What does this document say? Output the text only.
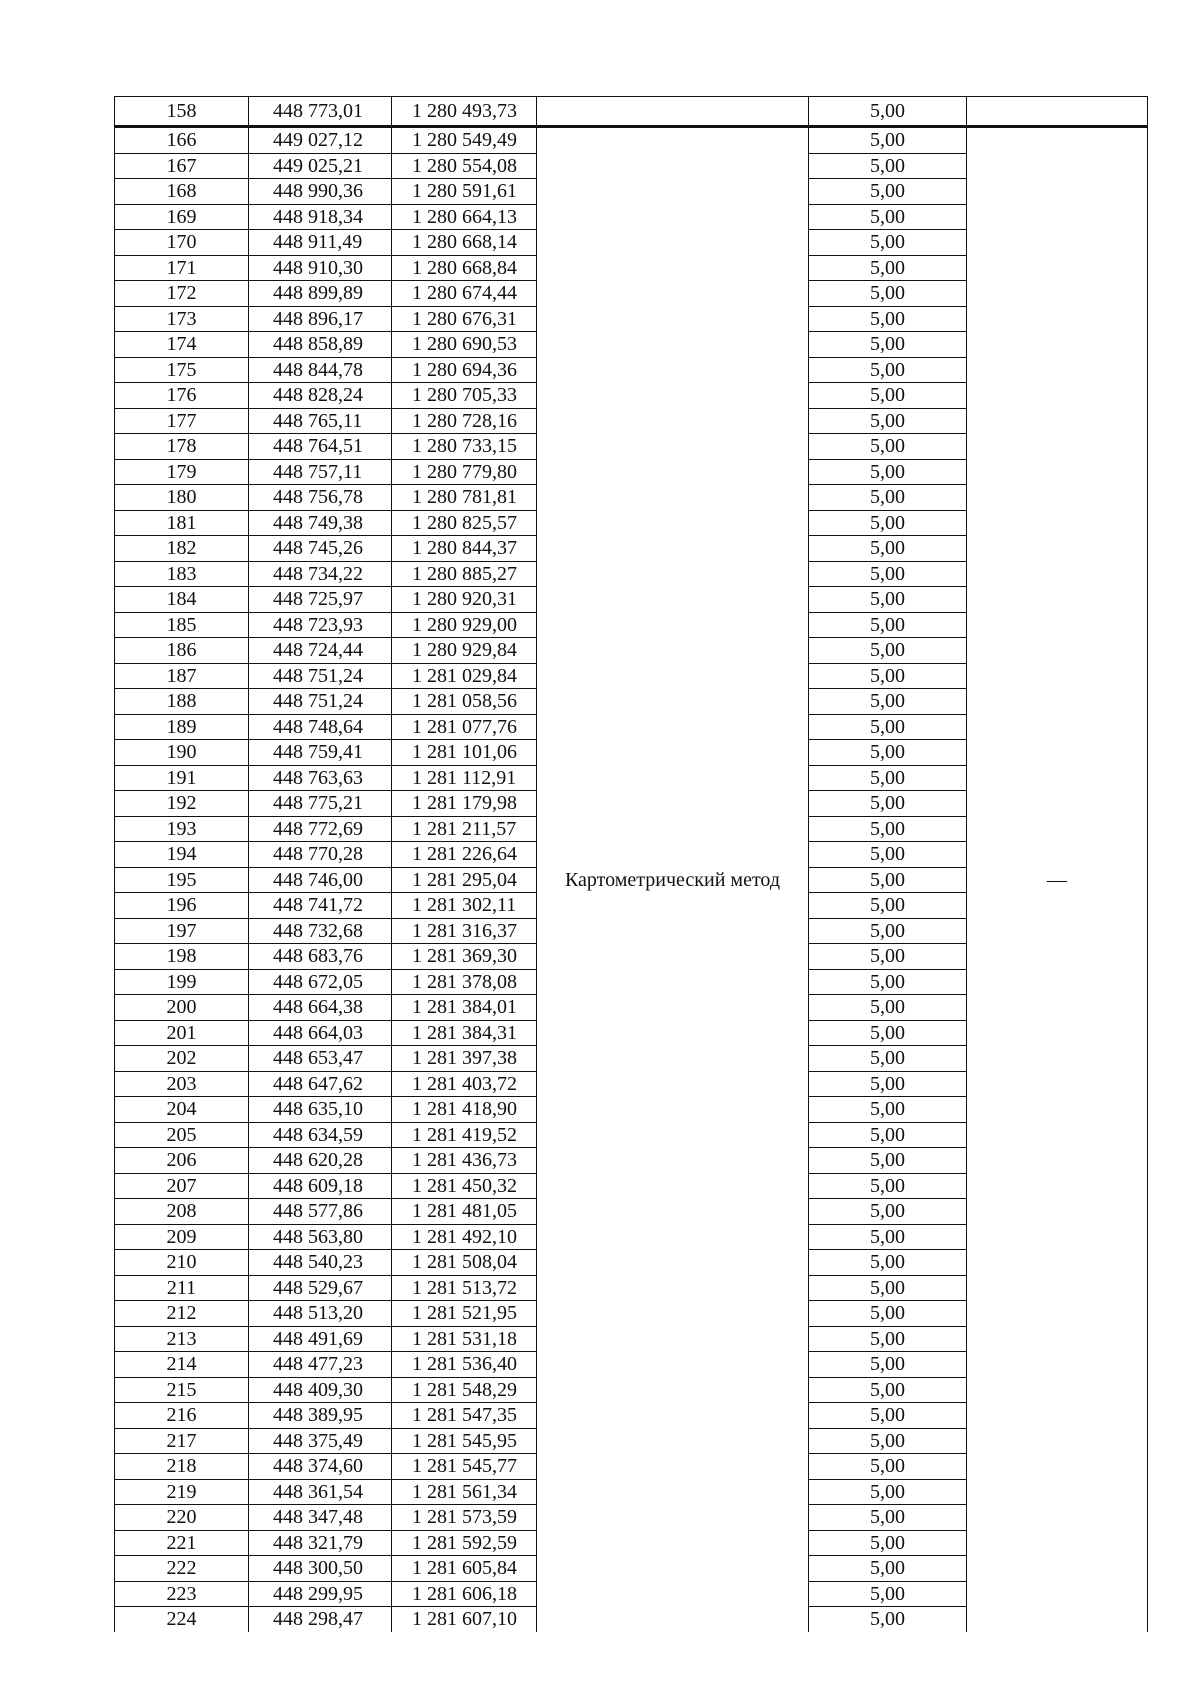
158	448 773,01	1 280 493,73		5,00	
166	449 027,12	1 280 549,49	Картометрический метод	5,00	—
167	449 025,21	1 280 554,08		5,00	
168	448 990,36	1 280 591,61		5,00	
169	448 918,34	1 280 664,13		5,00	
170	448 911,49	1 280 668,14		5,00	
171	448 910,30	1 280 668,84		5,00	
172	448 899,89	1 280 674,44		5,00	
173	448 896,17	1 280 676,31		5,00	
174	448 858,89	1 280 690,53		5,00	
175	448 844,78	1 280 694,36		5,00	
176	448 828,24	1 280 705,33		5,00	
177	448 765,11	1 280 728,16		5,00	
178	448 764,51	1 280 733,15		5,00	
179	448 757,11	1 280 779,80		5,00	
180	448 756,78	1 280 781,81		5,00	
181	448 749,38	1 280 825,57		5,00	
182	448 745,26	1 280 844,37		5,00	
183	448 734,22	1 280 885,27		5,00	
184	448 725,97	1 280 920,31		5,00	
185	448 723,93	1 280 929,00		5,00	
186	448 724,44	1 280 929,84		5,00	
187	448 751,24	1 281 029,84		5,00	
188	448 751,24	1 281 058,56		5,00	
189	448 748,64	1 281 077,76		5,00	
190	448 759,41	1 281 101,06		5,00	
191	448 763,63	1 281 112,91		5,00	
192	448 775,21	1 281 179,98		5,00	
193	448 772,69	1 281 211,57		5,00	
194	448 770,28	1 281 226,64		5,00	
195	448 746,00	1 281 295,04		5,00	
196	448 741,72	1 281 302,11		5,00	
197	448 732,68	1 281 316,37		5,00	
198	448 683,76	1 281 369,30		5,00	
199	448 672,05	1 281 378,08		5,00	
200	448 664,38	1 281 384,01		5,00	
201	448 664,03	1 281 384,31		5,00	
202	448 653,47	1 281 397,38		5,00	
203	448 647,62	1 281 403,72		5,00	
204	448 635,10	1 281 418,90		5,00	
205	448 634,59	1 281 419,52		5,00	
206	448 620,28	1 281 436,73		5,00	
207	448 609,18	1 281 450,32		5,00	
208	448 577,86	1 281 481,05		5,00	
209	448 563,80	1 281 492,10		5,00	
210	448 540,23	1 281 508,04		5,00	
211	448 529,67	1 281 513,72		5,00	
212	448 513,20	1 281 521,95		5,00	
213	448 491,69	1 281 531,18		5,00	
214	448 477,23	1 281 536,40		5,00	
215	448 409,30	1 281 548,29		5,00	
216	448 389,95	1 281 547,35		5,00	
217	448 375,49	1 281 545,95		5,00	
218	448 374,60	1 281 545,77		5,00	
219	448 361,54	1 281 561,34		5,00	
220	448 347,48	1 281 573,59		5,00	
221	448 321,79	1 281 592,59		5,00	
222	448 300,50	1 281 605,84		5,00	
223	448 299,95	1 281 606,18		5,00	
224	448 298,47	1 281 607,10		5,00	
